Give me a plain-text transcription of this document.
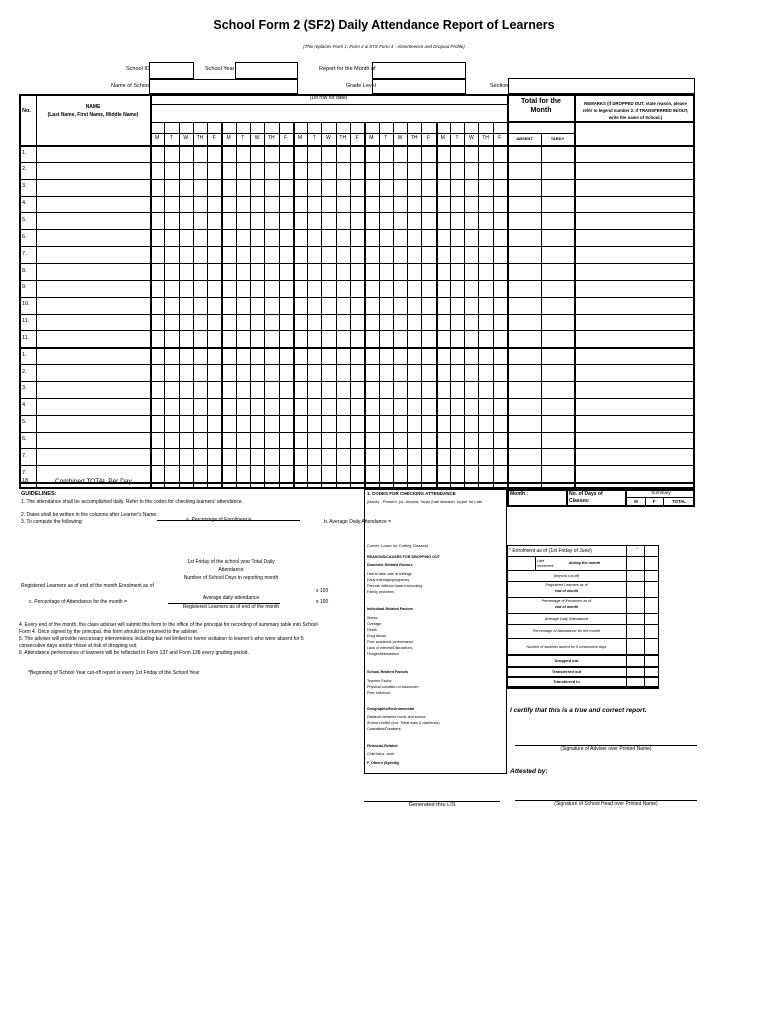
School Form 2 (SF2) Daily Attendance Report of Learners
(This replaces Form 1, Form 2 & STS Form 4 - Absenteeism and Dropout Profile)
School ID	School Year	Report for the Month of
Name of School	Grade Level	Section
No.
NAME
(Last Name, First Name, Middle Name)
(1st row for date)	Total for the
Month
REMARKS (If DROPPED OUT, state reason, please
refer to legend number 2. If TRANSFERRED IN/OUT,
write the name of School.)
ABSENT	TARDY
M	T	W	TH	F	M	T	W	TH	F	M	T	W	TH	F	M	T	W	TH	F	M	T	W	TH	F
1.
2.
3.
4.
5.
6.
7.
8.
9.
10.
11.
11.
1.
2.
3.
4.
5.
6.
7.
7.
18.	Combined TOTAL Per Day
GUIDELINES:
1. The attendance shall be accomplished daily. Refer to the codes for checking learners' attendance.
2. Dates shall be written in the columns after Learner's Name.
3. To compute the following:	a. Percentage of Enrolment =	b. Average Daily Attendance =
1st Friday of the school year Total Daily
Attendance
Number of School Days in reporting month
Registered Learners as of end of the month Enrolment as of
x 100
c. Percentage of Attendance for the month =
Average daily attendance
Registered Learners as of end of the month
x 100
4. Every end of the month, the class adviser will submit this form to the office of the principal for recording of summary table into School
Form 4. Once signed by the principal, this form should be returned to the adviser.
5. The adviser will provide neccessary interventions including but not limited to home visitation to learner's who were absent for 5
consecutive days and/or those at risk of dropping out.
6. Attendance performance of learners will be reflected in Form 137 and Form 138 every grading period.
*Beginning of School Year cut-off report is every 1st Friday of the School Year
1. CODES FOR CHECKING ATTENDANCE
(blank) - Present; (x)- Absent; Tardy (half shaded= Upper for Late
Comer, Lower for Cutting Classes)
REASONS/CAUSES FOR DROPPING OUT
Domestic-Related Factors
Had to take care of siblings
Early marriage/pregnancy
Parents' attitude toward schooling
Family problems
Individual-Related Factors
Illness
Overage
Death
Drug Abuse
Poor academic performance
Lack of interest/Distractions
Hunger/Malnutrition
School-Related Factors
Teacher Factor
Physical condition of classroom
Peer influence
Geographic/Environmental
Distance between home and school
Armed conflict (incl. Tribal wars & clanfeuds)
Calamities/Disasters
Financial-Related
Child labor, work
F. Others (Specify)
Generated thru LIS
Month :	No. of Days of
Classes:
Summary
M	F	TOTAL
* Enrolment as of (1st Friday of June)	-
Late
enrolment
during the month
(beyond cut-off)
Registered Learners as of
end of month
Percentage of Enrolment as of
end of month
Average Daily Attendance
Percentage of Attendance for the month
Number of students absent for 5 consecutive days
Dropped out
Transferred out
Transferred in
I certify that this is a true and correct report.
(Signature of Adviser over Printed Name)
Attested by:
(Signature of School Head over Printed Name)
